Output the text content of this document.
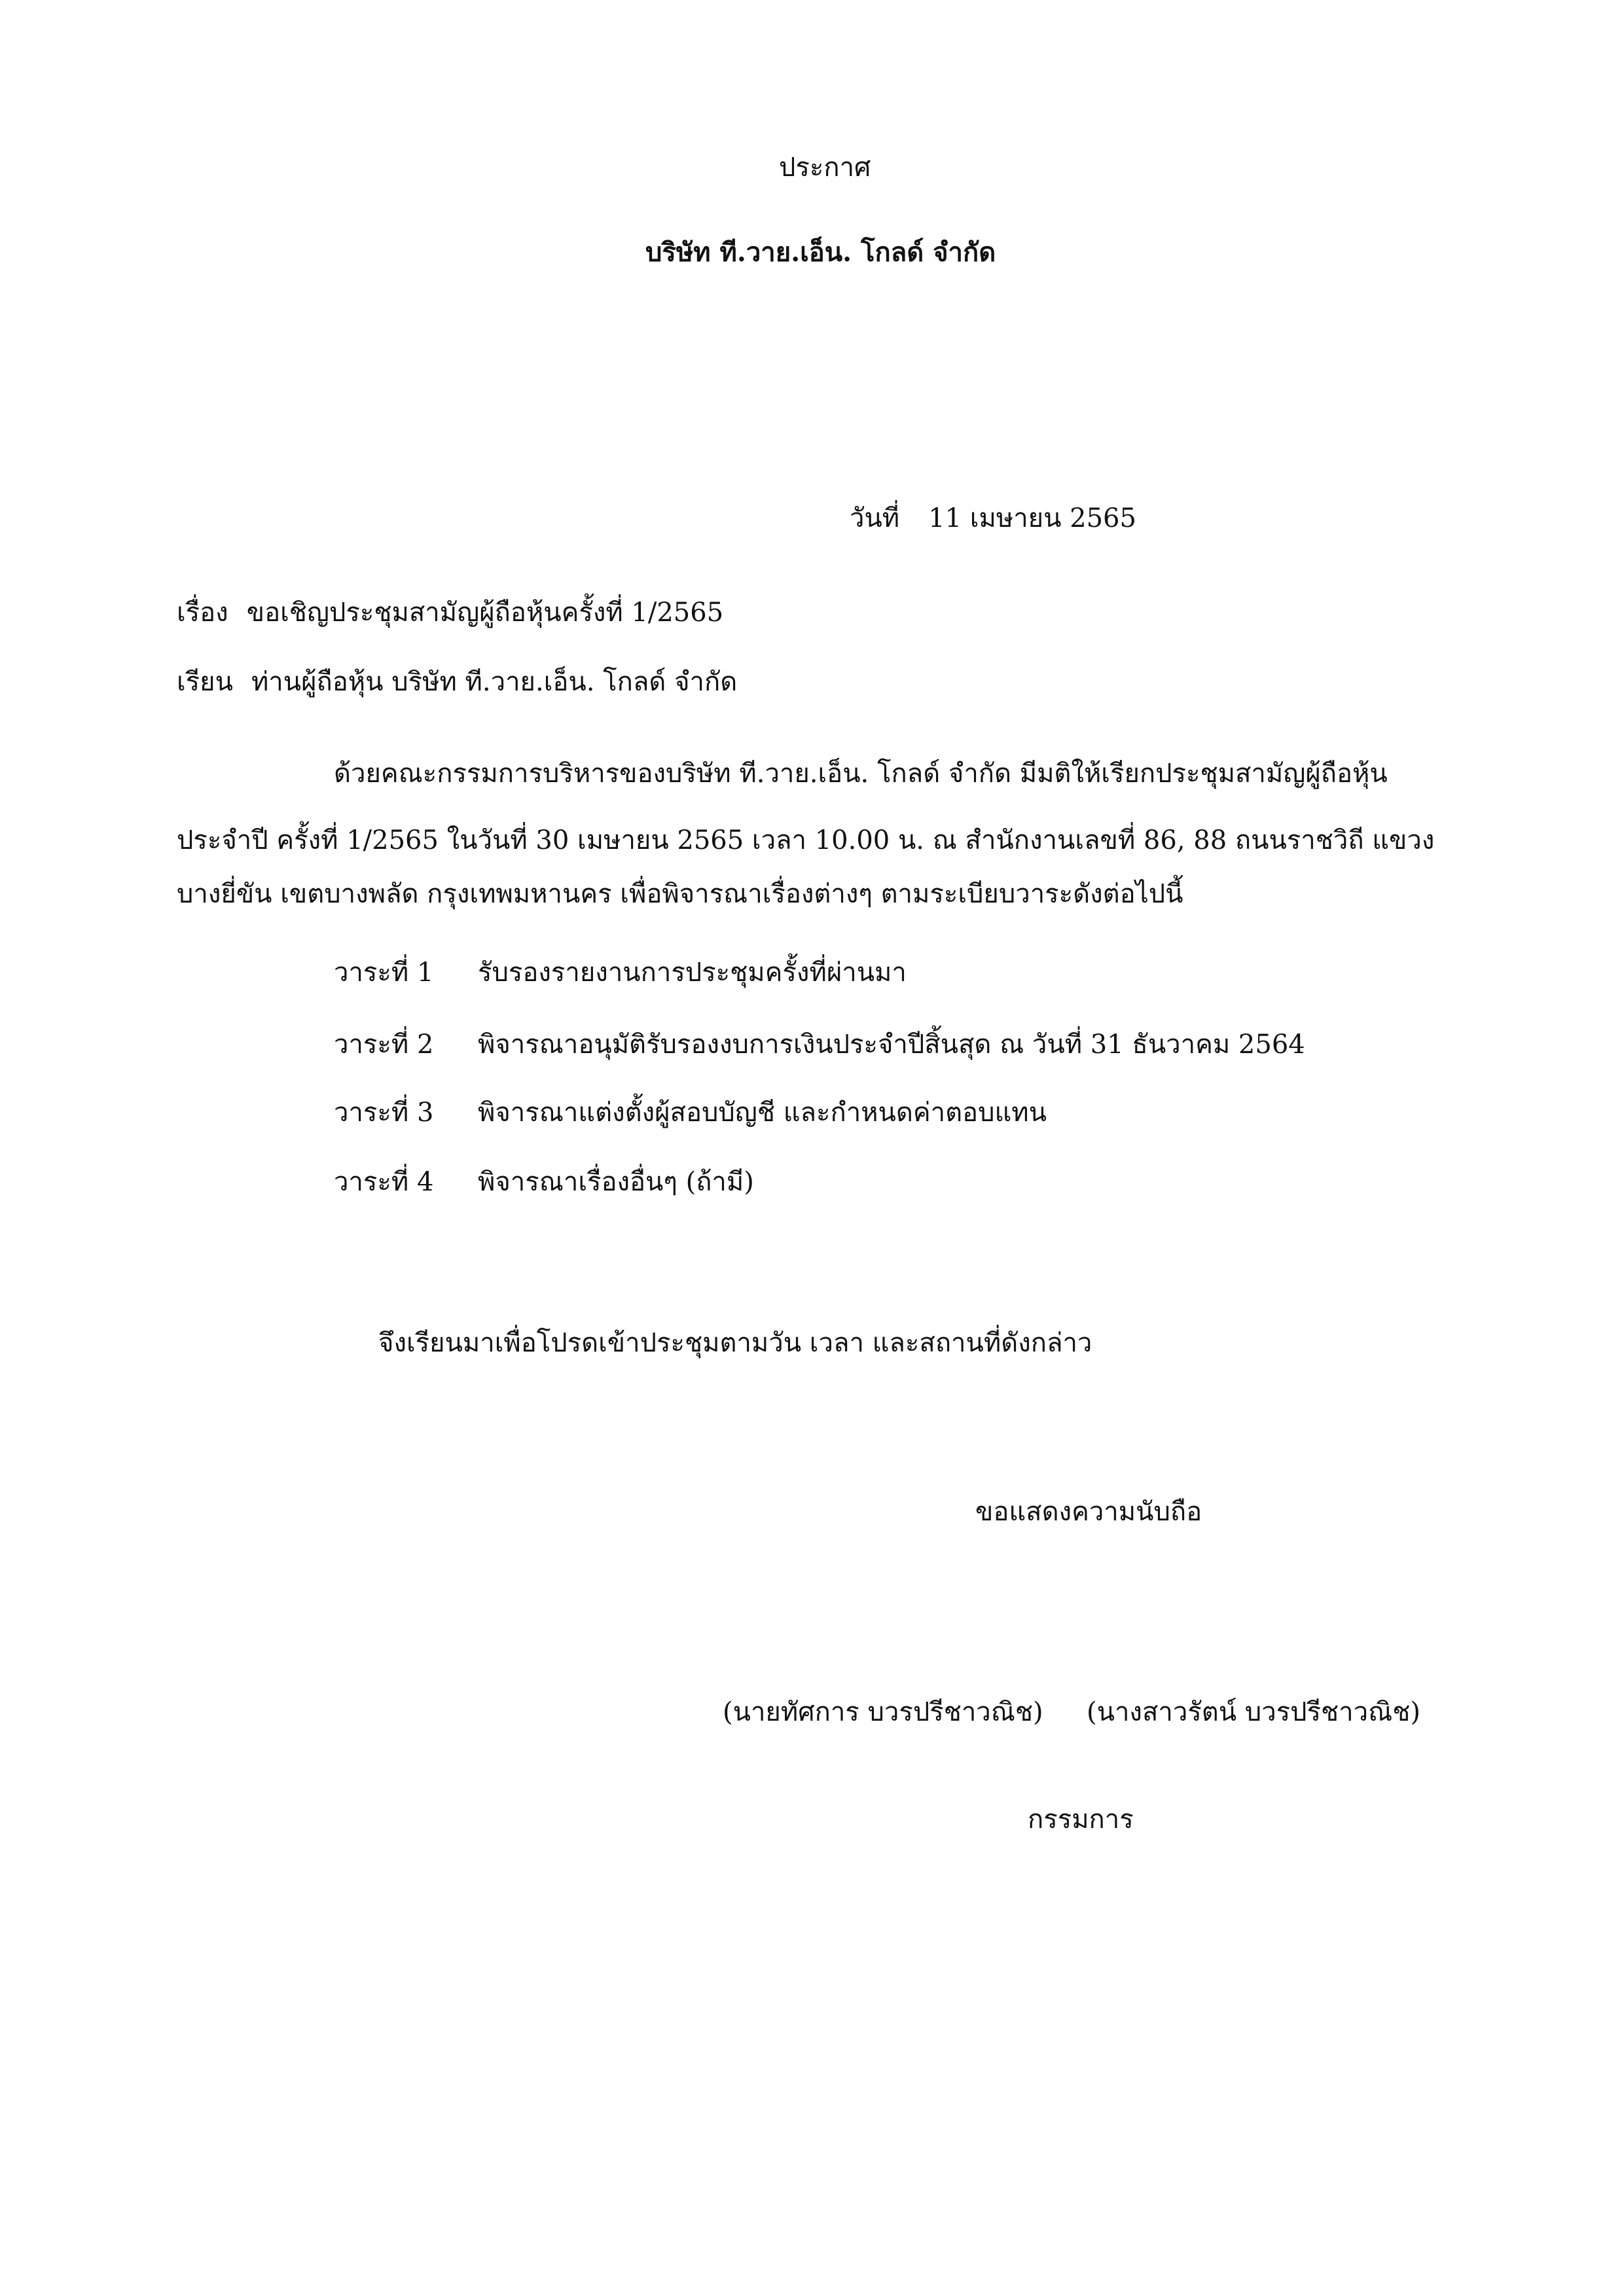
ประกาศ
บริษัท ที.วาย.เอ็น. โกลด์ จำกัด
วันที่ 11 เมษายน 2565
เรื่อง ขอเชิญประชุมสามัญผู้ถือหุ้นครั้งที่ 1/2565
เรียน ท่านผู้ถือหุ้น บริษัท ที.วาย.เอ็น. โกลด์ จำกัด
ด้วยคณะกรรมการบริหารของบริษัท ที.วาย.เอ็น. โกลด์ จำกัด มีมติให้เรียกประชุมสามัญผู้ถือหุ้น
ประจำปี ครั้งที่ 1/2565 ในวันที่ 30 เมษายน 2565 เวลา 10.00 น. ณ สำนักงานเลขที่ 86, 88 ถนนราชวิถี แขวง
บางยี่ขัน เขตบางพลัด กรุงเทพมหานคร เพื่อพิจารณาเรื่องต่างๆ ตามระเบียบวาระดังต่อไปนี้
วาระที่ 1 รับรองรายงานการประชุมครั้งที่ผ่านมา
วาระที่ 2 พิจารณาอนุมัติรับรองงบการเงินประจำปีสิ้นสุด ณ วันที่ 31 ธันวาคม 2564
วาระที่ 3 พิจารณาแต่งตั้งผู้สอบบัญชี และกำหนดค่าตอบแทน
วาระที่ 4 พิจารณาเรื่องอื่นๆ (ถ้ามี)
จึงเรียนมาเพื่อโปรดเข้าประชุมตามวัน เวลา และสถานที่ดังกล่าว
ขอแสดงความนับถือ
(นายทัศการ บวรปรีชาวณิช) (นางสาวรัตน์ บวรปรีชาวณิช)
กรรมการ
